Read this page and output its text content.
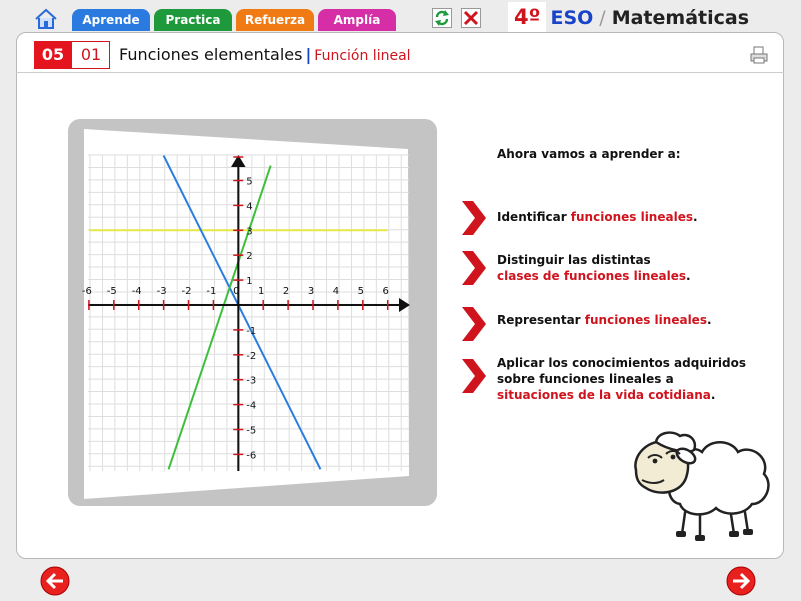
Aprende	Practica	Refuerza	Amplía	4º ESO / Matemáticas
05	01	Funciones elementales | Función lineal
-6 -5 -4 -3 -2 -1 0 1 2 3 4 5 6
1
2
3
4
5
-1
-2
-3
-4
-5
-6
Ahora vamos a aprender a:
Identificar funciones lineales.
Distinguir las distintas
clases de funciones lineales.
Representar funciones lineales.
Aplicar los conocimientos adquiridos
sobre funciones lineales a
situaciones de la vida cotidiana.
